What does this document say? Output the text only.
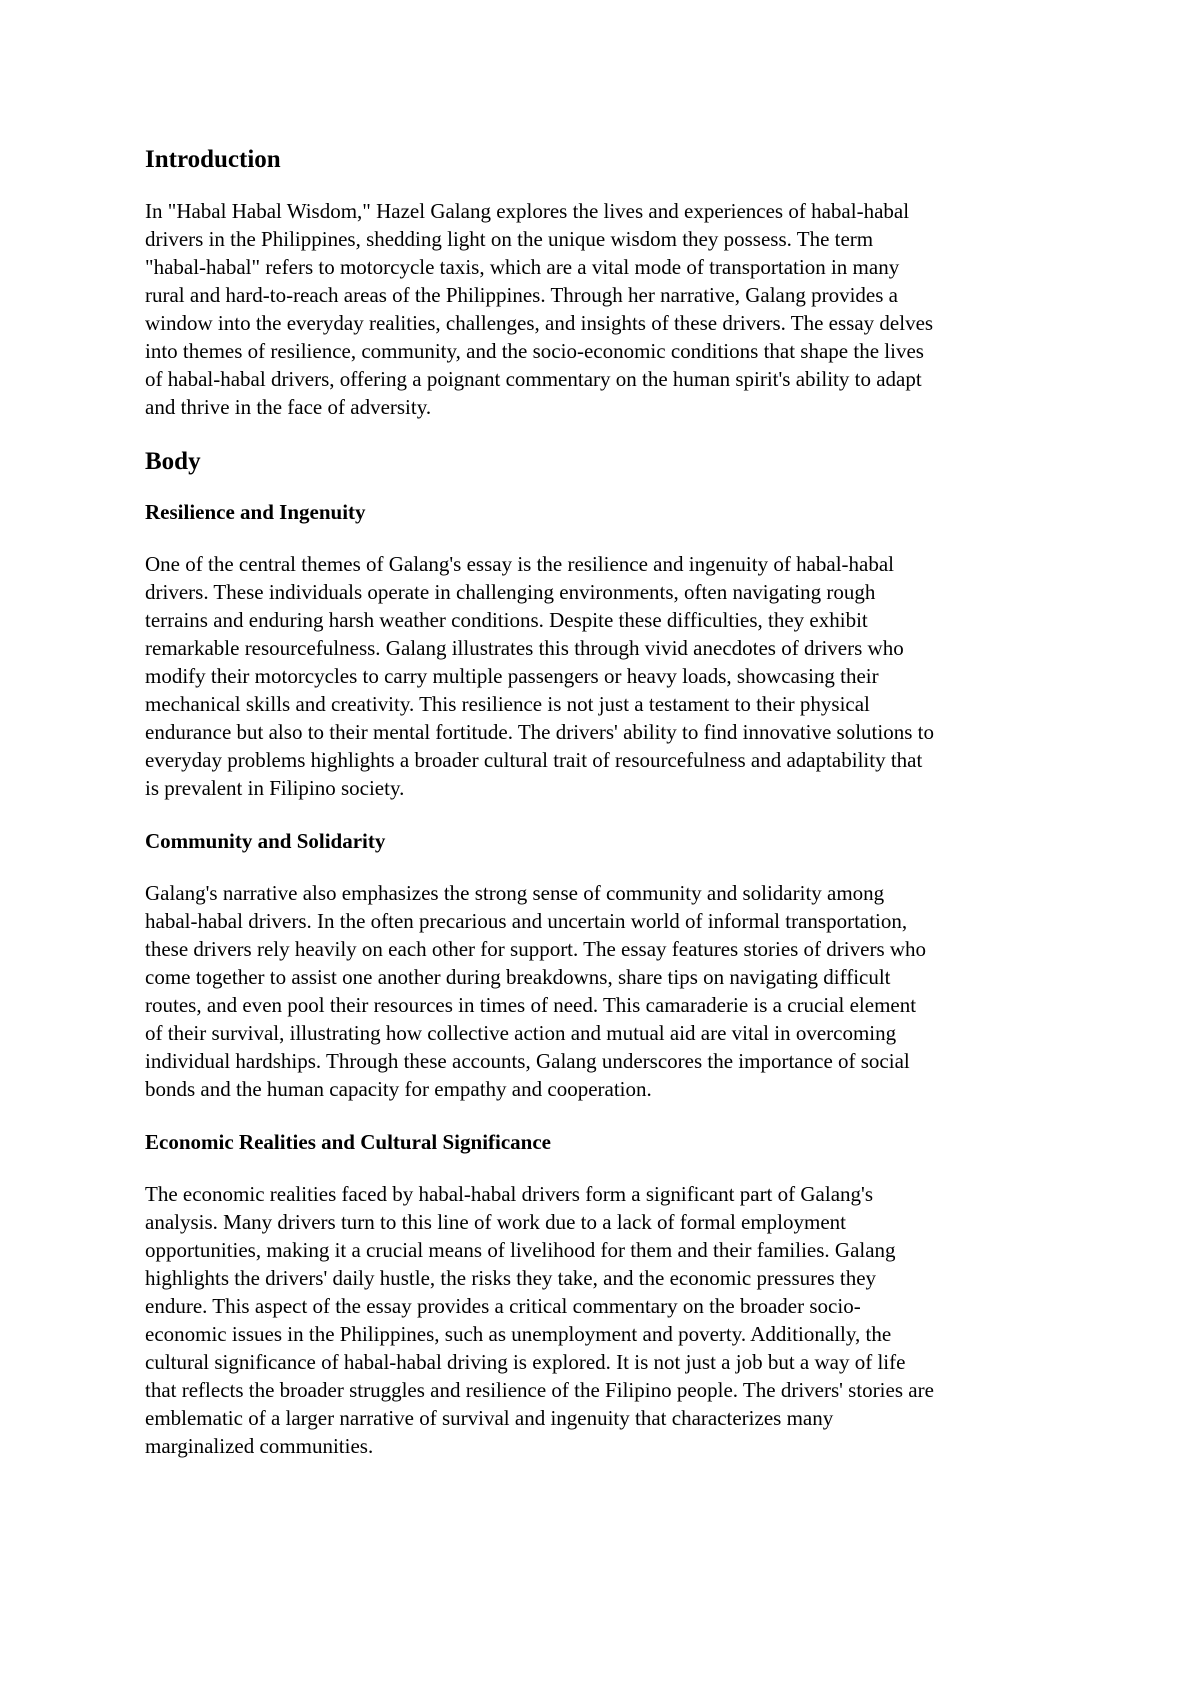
Introduction
In "Habal Habal Wisdom," Hazel Galang explores the lives and experiences of habal-habal
drivers in the Philippines, shedding light on the unique wisdom they possess. The term
"habal-habal" refers to motorcycle taxis, which are a vital mode of transportation in many
rural and hard-to-reach areas of the Philippines. Through her narrative, Galang provides a
window into the everyday realities, challenges, and insights of these drivers. The essay delves
into themes of resilience, community, and the socio-economic conditions that shape the lives
of habal-habal drivers, offering a poignant commentary on the human spirit's ability to adapt
and thrive in the face of adversity.
Body
Resilience and Ingenuity
One of the central themes of Galang's essay is the resilience and ingenuity of habal-habal
drivers. These individuals operate in challenging environments, often navigating rough
terrains and enduring harsh weather conditions. Despite these difficulties, they exhibit
remarkable resourcefulness. Galang illustrates this through vivid anecdotes of drivers who
modify their motorcycles to carry multiple passengers or heavy loads, showcasing their
mechanical skills and creativity. This resilience is not just a testament to their physical
endurance but also to their mental fortitude. The drivers' ability to find innovative solutions to
everyday problems highlights a broader cultural trait of resourcefulness and adaptability that
is prevalent in Filipino society.
Community and Solidarity
Galang's narrative also emphasizes the strong sense of community and solidarity among
habal-habal drivers. In the often precarious and uncertain world of informal transportation,
these drivers rely heavily on each other for support. The essay features stories of drivers who
come together to assist one another during breakdowns, share tips on navigating difficult
routes, and even pool their resources in times of need. This camaraderie is a crucial element
of their survival, illustrating how collective action and mutual aid are vital in overcoming
individual hardships. Through these accounts, Galang underscores the importance of social
bonds and the human capacity for empathy and cooperation.
Economic Realities and Cultural Significance
The economic realities faced by habal-habal drivers form a significant part of Galang's
analysis. Many drivers turn to this line of work due to a lack of formal employment
opportunities, making it a crucial means of livelihood for them and their families. Galang
highlights the drivers' daily hustle, the risks they take, and the economic pressures they
endure. This aspect of the essay provides a critical commentary on the broader socio-
economic issues in the Philippines, such as unemployment and poverty. Additionally, the
cultural significance of habal-habal driving is explored. It is not just a job but a way of life
that reflects the broader struggles and resilience of the Filipino people. The drivers' stories are
emblematic of a larger narrative of survival and ingenuity that characterizes many
marginalized communities.
